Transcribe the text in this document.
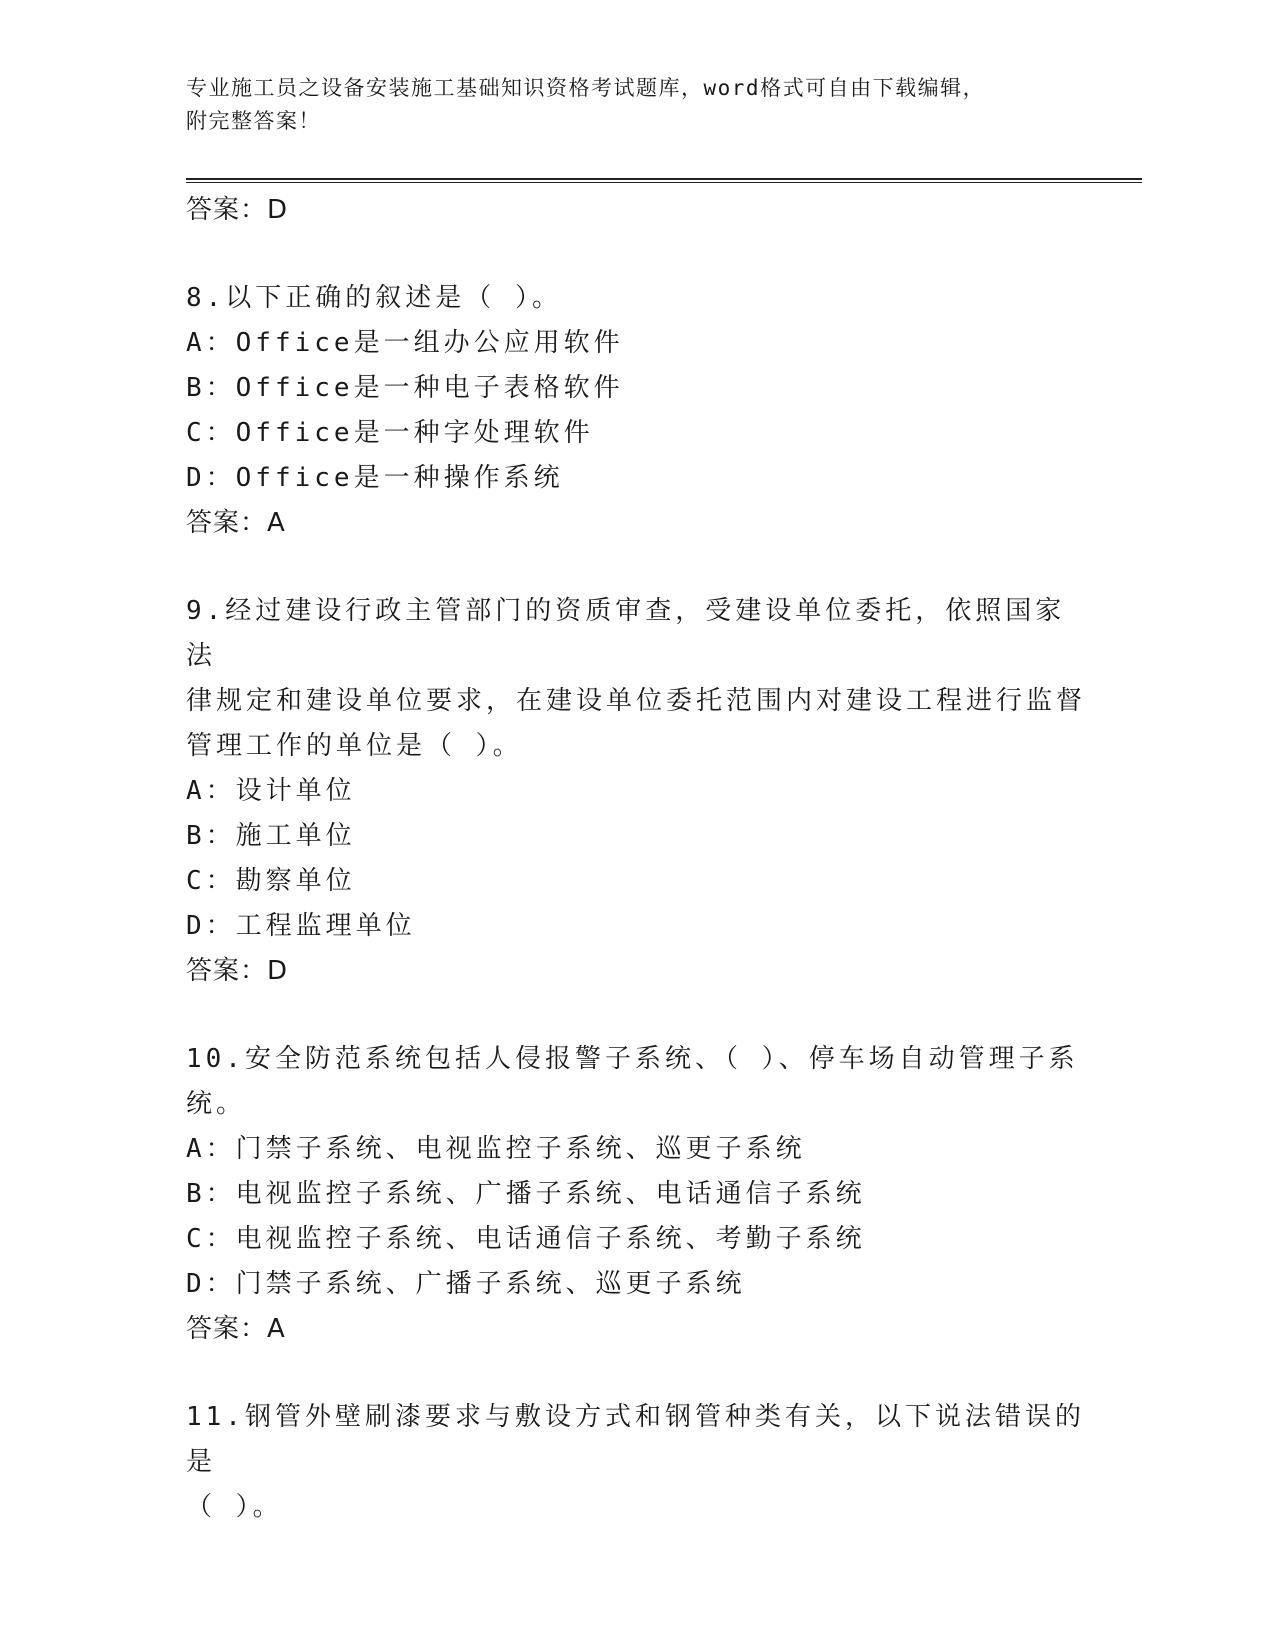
专业施工员之设备安装施工基础知识资格考试题库，word格式可自由下载编辑，
附完整答案！

答案：D

8.以下正确的叙述是（ ）。

A：Office是一组办公应用软件

B：Office是一种电子表格软件

C：Office是一种字处理软件

D：Office是一种操作系统

答案：A

9.经过建设行政主管部门的资质审查，受建设单位委托，依照国家法

律规定和建设单位要求，在建设单位委托范围内对建设工程进行监督

管理工作的单位是（ ）。

A：设计单位

B：施工单位

C：勘察单位

D：工程监理单位

答案：D

10.安全防范系统包括人侵报警子系统、（ ）、停车场自动管理子系

统。

A：门禁子系统、电视监控子系统、巡更子系统

B：电视监控子系统、广播子系统、电话通信子系统

C：电视监控子系统、电话通信子系统、考勤子系统

D：门禁子系统、广播子系统、巡更子系统

答案：A

11.钢管外壁刷漆要求与敷设方式和钢管种类有关，以下说法错误的是

（ ）。
